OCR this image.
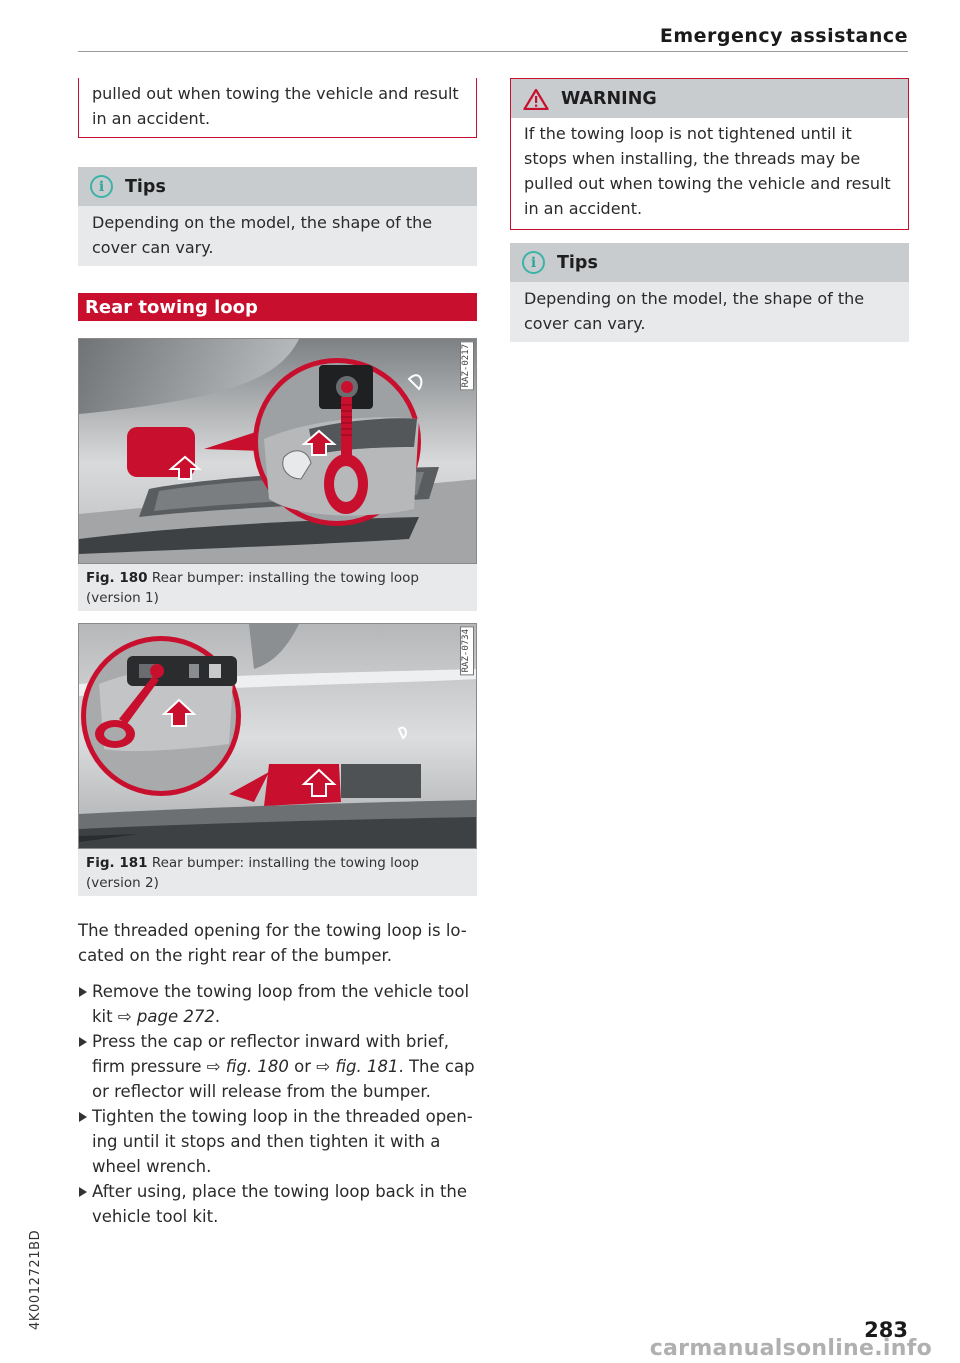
Emergency assistance
pulled out when towing the vehicle and result in an accident.
i	Tips
Depending on the model, the shape of the cover can vary.
Rear towing loop
RAZ-0217
Fig. 180 Rear bumper: installing the towing loop (version 1)
RAZ-0734
Fig. 181 Rear bumper: installing the towing loop (version 2)

The threaded opening for the towing loop is lo- cated on the right rear of the bumper.

Remove the towing loop from the vehicle tool kit ⇨ page 272.
Press the cap or reflector inward with brief, firm pressure ⇨ fig. 180 or ⇨ fig. 181. The cap or reflector will release from the bumper.
Tighten the towing loop in the threaded open- ing until it stops and then tighten it with a wheel wrench.
After using, place the towing loop back in the vehicle tool kit.
WARNING
If the towing loop is not tightened until it stops when installing, the threads may be pulled out when towing the vehicle and result in an accident.
i	Tips
Depending on the model, the shape of the cover can vary.
4K0012721BD	283
carmanualsonline.info
